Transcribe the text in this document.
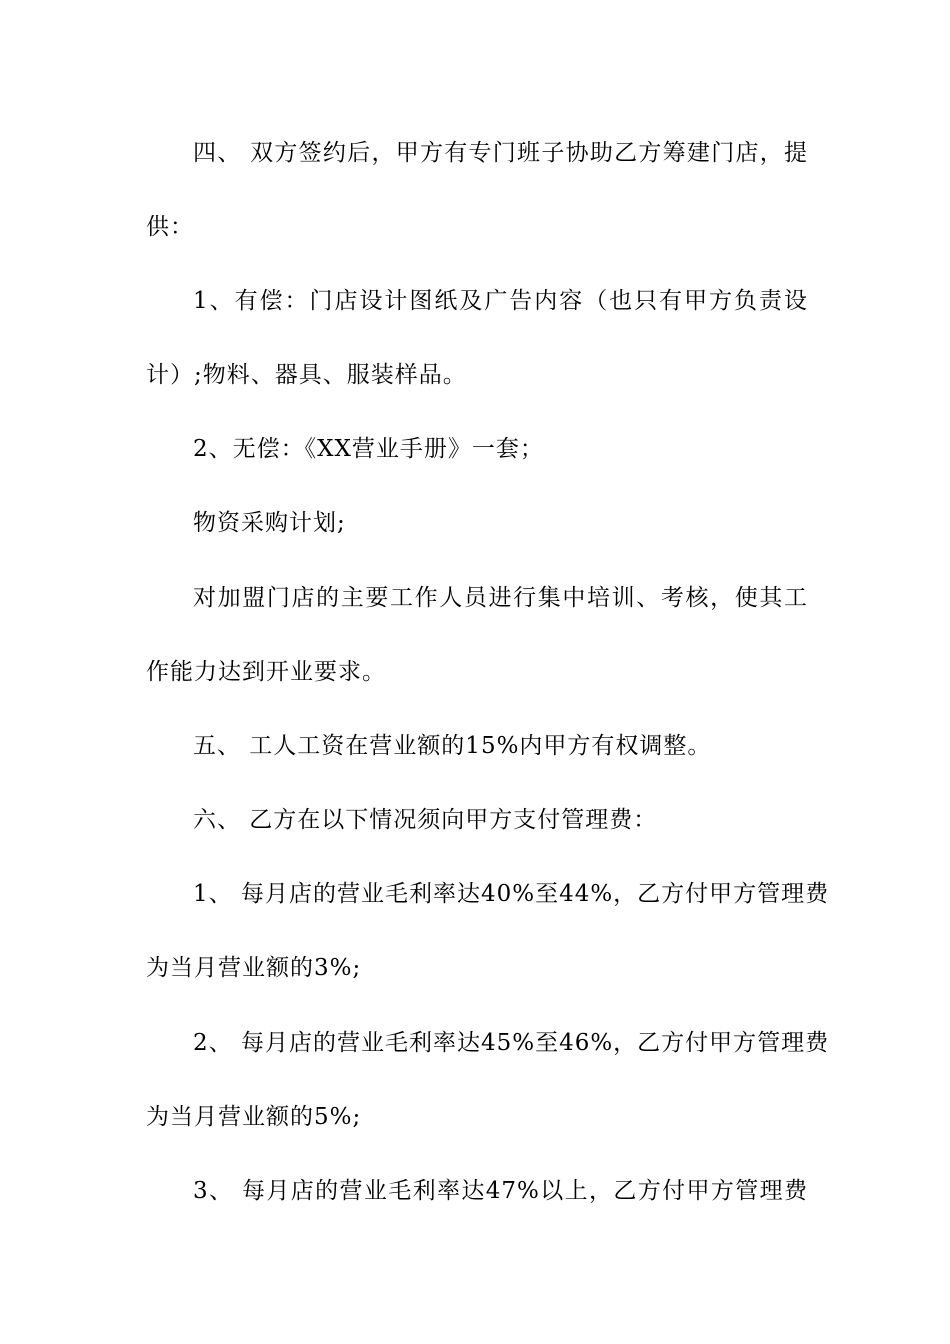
四、 双方签约后，甲方有专门班子协助乙方筹建门店，提
供：
1、有偿：门店设计图纸及广告内容（也只有甲方负责设
计）;物料、器具、服装样品。
2、无偿：《XX营业手册》一套；
物资采购计划;
对加盟门店的主要工作人员进行集中培训、考核，使其工
作能力达到开业要求。
五、 工人工资在营业额的15%内甲方有权调整。
六、 乙方在以下情况须向甲方支付管理费：
1、 每月店的营业毛利率达40%至44%，乙方付甲方管理费
为当月营业额的3%;
2、 每月店的营业毛利率达45%至46%，乙方付甲方管理费
为当月营业额的5%;
3、 每月店的营业毛利率达47%以上，乙方付甲方管理费
